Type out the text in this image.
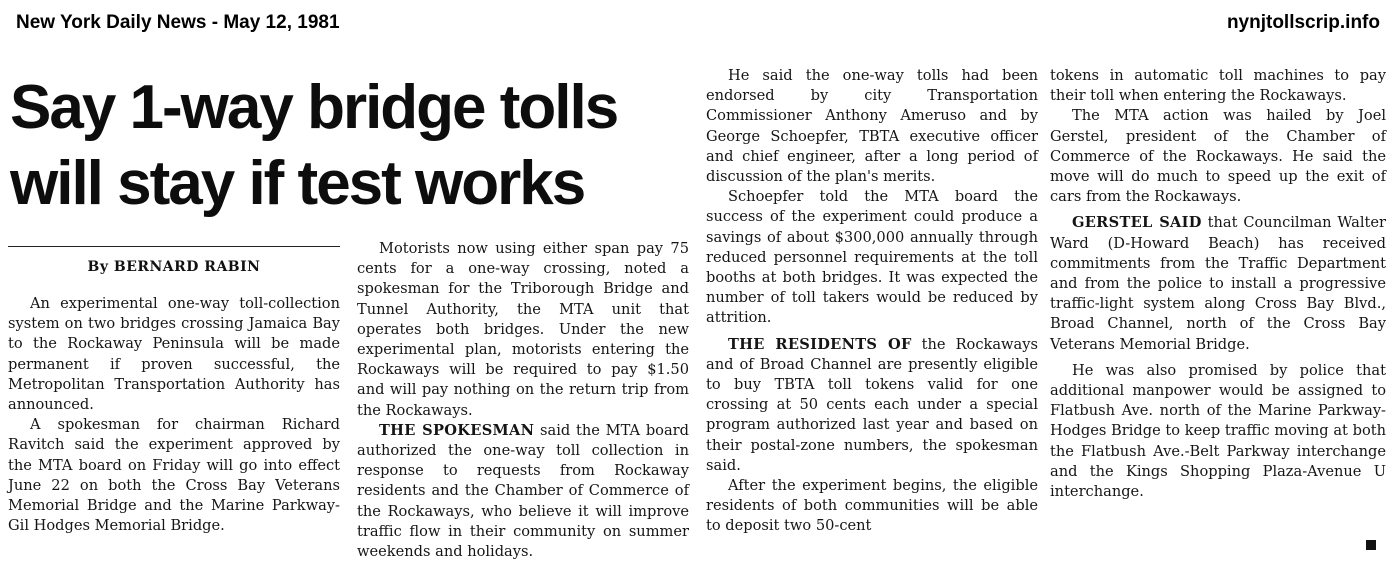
New York Daily News - May 12, 1981	nynjtollscrip.info
Say 1-way bridge tolls will stay if test works
By BERNARD RABIN

An experimental one-way toll-collection system on two bridges crossing Jamaica Bay to the Rockaway Peninsula will be made permanent if proven successful, the Metropolitan Transportation Authority has announced.

A spokesman for chairman Richard Ravitch said the experiment approved by the MTA board on Friday will go into effect June 22 on both the Cross Bay Veterans Memorial Bridge and the Marine Parkway-Gil Hodges Memorial Bridge.

Motorists now using either span pay 75 cents for a one-way crossing, noted a spokesman for the Triborough Bridge and Tunnel Authority, the MTA unit that operates both bridges. Under the new experimental plan, motorists entering the Rockaways will be required to pay $1.50 and will pay nothing on the return trip from the Rockaways.

THE SPOKESMAN said the MTA board authorized the one-way toll collection in response to requests from Rockaway residents and the Chamber of Commerce of the Rockaways, who believe it will improve traffic flow in their community on summer weekends and holidays.

He said the one-way tolls had been endorsed by city Transportation Commissioner Anthony Ameruso and by George Schoepfer, TBTA executive officer and chief engineer, after a long period of discussion of the plan's merits.

Schoepfer told the MTA board the success of the experiment could produce a savings of about $300,000 annually through reduced personnel requirements at the toll booths at both bridges. It was expected the number of toll takers would be reduced by attrition.

THE RESIDENTS OF the Rockaways and of Broad Channel are presently eligible to buy TBTA toll tokens valid for one crossing at 50 cents each under a special program authorized last year and based on their postal-zone numbers, the spokesman said.

After the experiment begins, the eligible residents of both communities will be able to deposit two 50-cent

tokens in automatic toll machines to pay their toll when entering the Rockaways.

The MTA action was hailed by Joel Gerstel, president of the Chamber of Commerce of the Rockaways. He said the move will do much to speed up the exit of cars from the Rockaways.

GERSTEL SAID that Councilman Walter Ward (D-Howard Beach) has received commitments from the Traffic Department and from the police to install a progressive traffic-light system along Cross Bay Blvd., Broad Channel, north of the Cross Bay Veterans Memorial Bridge.

He was also promised by police that additional manpower would be assigned to Flatbush Ave. north of the Marine Parkway-Hodges Bridge to keep traffic moving at both the Flatbush Ave.-Belt Parkway interchange and the Kings Shopping Plaza-Avenue U interchange.
